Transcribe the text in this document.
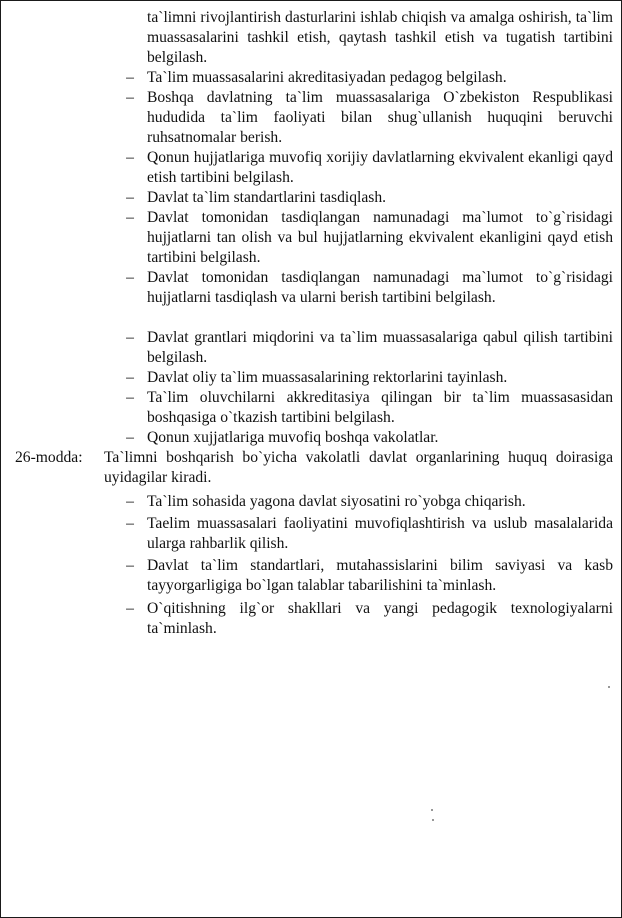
ta`limni rivojlantirish dasturlarini ishlab chiqish va amalga oshirish, ta`lim muassasalarini tashkil etish, qaytash tashkil etish va tugatish tartibini belgilash.
– Ta`lim muassasalarini akreditasiyadan pedagog belgilash.
– Boshqa davlatning ta`lim muassasalariga O`zbekiston Respublikasi hududida ta`lim faoliyati bilan shug`ullanish huquqini beruvchi ruhsatnomalar berish.
– Qonun hujjatlariga muvofiq xorijiy davlatlarning ekvivalent ekanligi qayd etish tartibini belgilash.
– Davlat ta`lim standartlarini tasdiqlash.
– Davlat tomonidan tasdiqlangan namunadagi ma`lumot to`g`risidagi hujjatlarni tan olish va bul hujjatlarning ekvivalent ekanligini qayd etish tartibini belgilash.
– Davlat tomonidan tasdiqlangan namunadagi ma`lumot to`g`risidagi hujjatlarni tasdiqlash va ularni berish tartibini belgilash.
– Davlat grantlari miqdorini va ta`lim muassasalariga qabul qilish tartibini belgilash.
– Davlat oliy ta`lim muassasalarining rektorlarini tayinlash.
– Ta`lim oluvchilarni akkreditasiya qilingan bir ta`lim muassasasidan boshqasiga o`tkazish tartibini belgilash.
– Qonun xujjatlariga muvofiq boshqa vakolatlar.
26-modda: Ta`limni boshqarish bo`yicha vakolatli davlat organlarining huquq doirasiga uyidagilar kiradi.
– Ta`lim sohasida yagona davlat siyosatini ro`yobga chiqarish.
– Taelim muassasalari faoliyatini muvofiqlashtirish va uslub masalalarida ularga rahbarlik qilish.
– Davlat ta`lim standartlari, mutahassislarini bilim saviyasi va kasb tayyorgarligiga bo`lgan talablar tabarilishini ta`minlash.
– O`qitishning ilg`or shakllari va yangi pedagogik texnologiyalarni ta`minlash.
